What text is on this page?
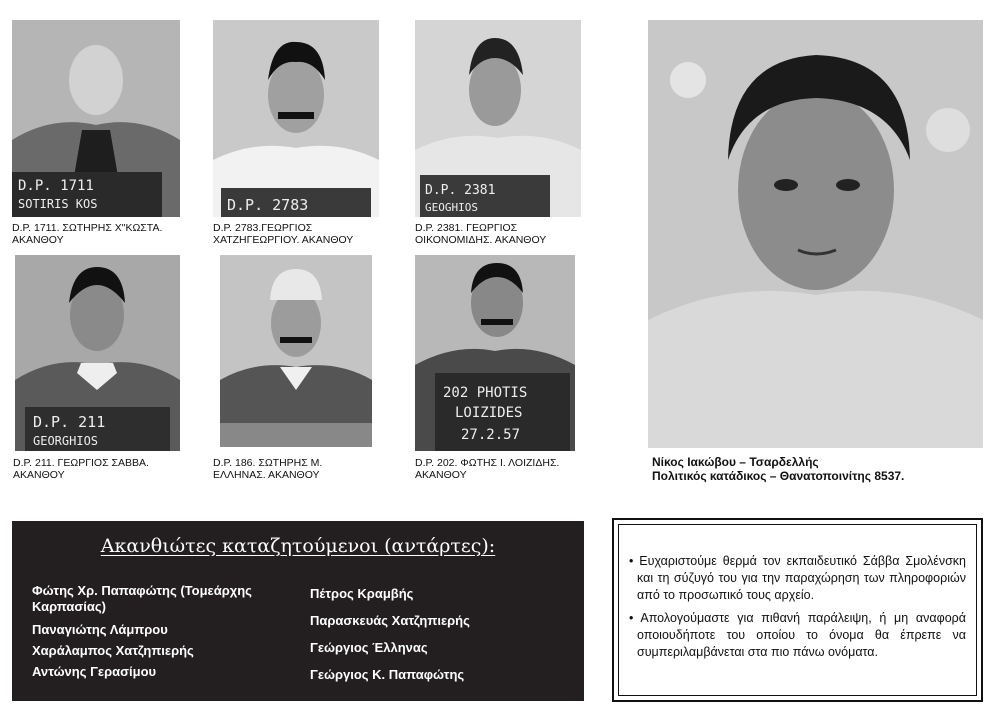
D.P. 1711
SOTIRIS KOS
D.P. 1711. ΣΩΤΗΡΗΣ Χ"ΚΩΣΤΑ.
ΑΚΑΝΘΟΥ
D.P. 2783
D.P. 2783.ΓΕΩΡΓΙΟΣ
ΧΑΤΖΗΓΕΩΡΓΙΟΥ. ΑΚΑΝΘΟΥ
D.P. 2381
GEOGHIOS
D.P. 2381. ΓΕΩΡΓΙΟΣ
ΟΙΚΟΝΟΜΙΔΗΣ. ΑΚΑΝΘΟΥ
D.P. 211
GEORGHIOS
D.P. 211. ΓΕΩΡΓΙΟΣ ΣΑΒΒΑ.
ΑΚΑΝΘΟΥ
D.P. 186. ΣΩΤΗΡΗΣ Μ.
ΕΛΛΗΝΑΣ. ΑΚΑΝΘΟΥ
202 PHOTIS
LOIZIDES
27.2.57
D.P. 202. ΦΩΤΗΣ Ι. ΛΟΙΖΙΔΗΣ.
ΑΚΑΝΘΟΥ
Νίκος Ιακώβου – Τσαρδελλής
Πολιτικός κατάδικος – Θανατοποινίτης 8537.
Ακανθιώτες καταζητούμενοι (αντάρτες):
Φώτης Χρ. Παπαφώτης (Τομεάρχης Καρπασίας)
Παναγιώτης Λάμπρου
Χαράλαμπος Χατζηπιερής
Αντώνης Γερασίμου
Πέτρος Κραμβής
Παρασκευάς Χατζηπιερής
Γεώργιος Έλληνας
Γεώργιος Κ. Παπαφώτης

• Ευχαριστούμε θερμά τον εκπαιδευτικό Σάββα Σμολένσκη και τη σύζυγό του για την παραχώρηση των πληροφοριών από το προσωπικό τους αρχείο.

• Απολογούμαστε για πιθανή παράλειψη, ή μη αναφορά οποιουδήποτε του οποίου το όνομα θα έπρεπε να συμπεριλαμβάνεται στα πιο πάνω ονόματα.
